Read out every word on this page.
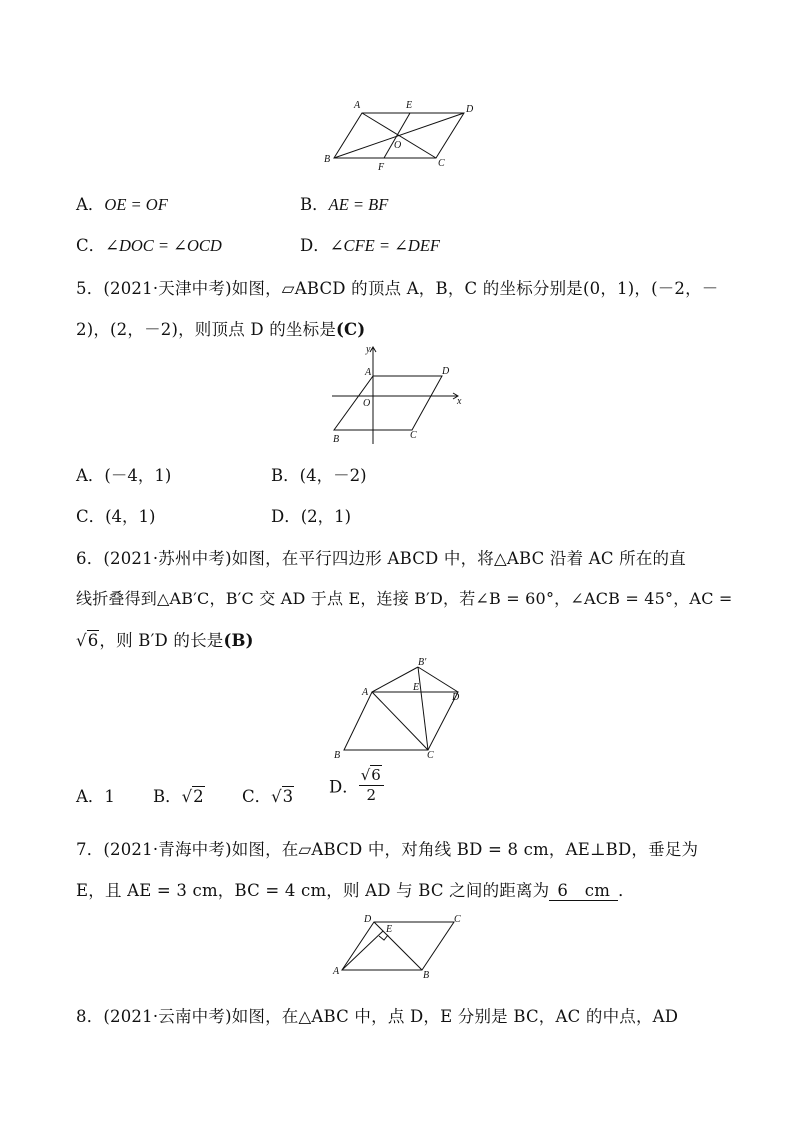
A	E	D
B
O
F	C
A．OE = OF	B．AE = BF
C．∠DOC = ∠OCD	D．∠CFE = ∠DEF
5．(2021·天津中考)如图，▱ABCD 的顶点 A，B，C 的坐标分别是(0，1)，(－2，－
2)，(2，－2)，则顶点 D 的坐标是(C)
y
A	D
O	x
B	C
A．(－4，1)	B．(4，－2)
C．(4，1)	D．(2，1)
6．(2021·苏州中考)如图，在平行四边形 ABCD 中，将△ABC 沿着 AC 所在的直
线折叠得到△AB′C，B′C 交 AD 于点 E，连接 B′D，若∠B = 60°，∠ACB = 45°，AC =
√6，则 B′D 的长是(B)
B′
A	E
D
B	C
A．1 B．√2 C．√3 D． $\frac{√6}{2}$
7．(2021·青海中考)如图，在▱ABCD 中，对角线 BD = 8 cm，AE⊥BD，垂足为
E，且 AE = 3 cm，BC = 4 cm，则 AD 与 BC 之间的距离为 6　cm ．
D
E
C
A	B
8．(2021·云南中考)如图，在△ABC 中，点 D，E 分别是 BC，AC 的中点，AD
